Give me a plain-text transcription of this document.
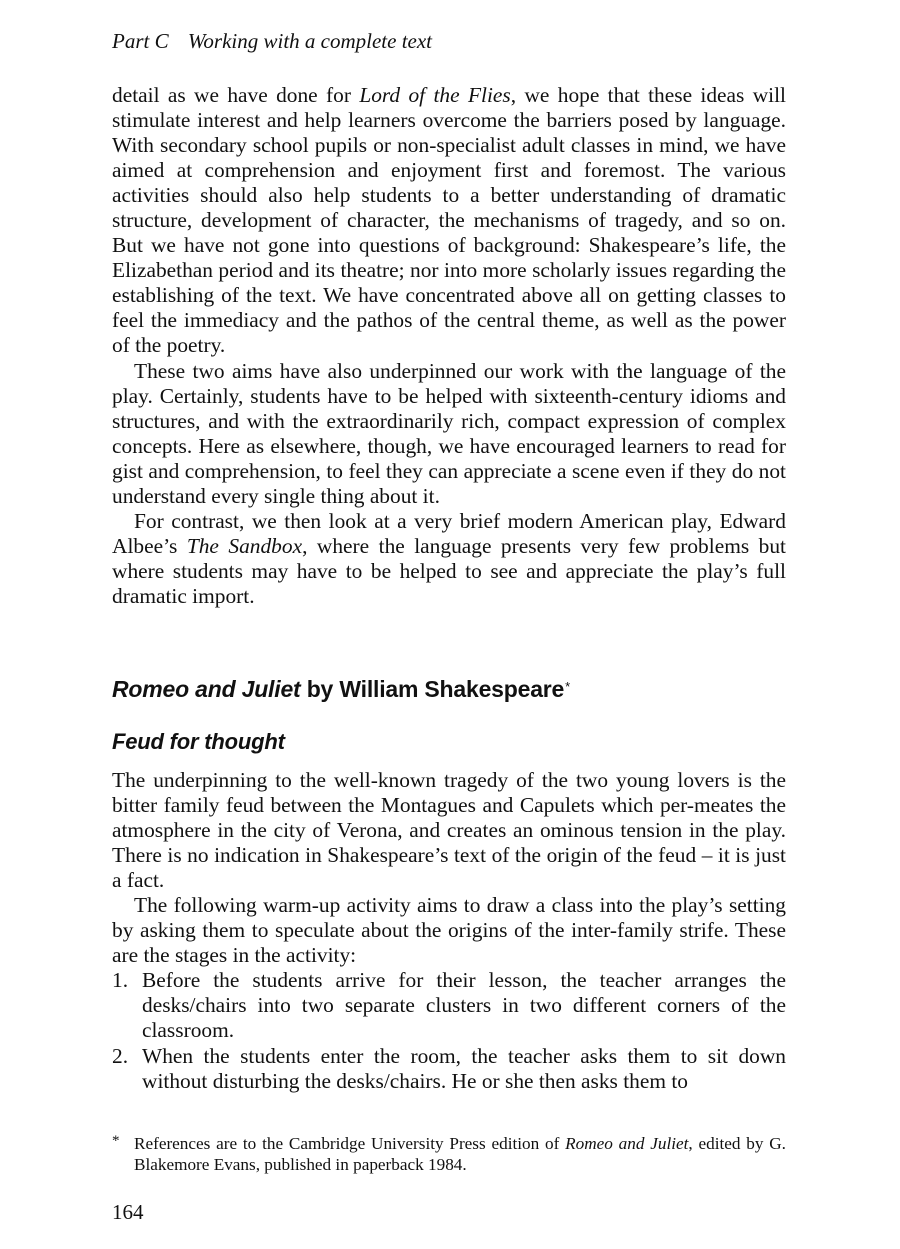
Part C Working with a complete text

detail as we have done for Lord of the Flies, we hope that these ideas will stimulate interest and help learners overcome the barriers posed by language. With secondary school pupils or non-specialist adult classes in mind, we have aimed at comprehension and enjoyment first and foremost. The various activities should also help students to a better understanding of dramatic structure, development of character, the mechanisms of tragedy, and so on. But we have not gone into questions of background: Shakespeare’s life, the Elizabethan period and its theatre; nor into more scholarly issues regarding the establishing of the text. We have concentrated above all on getting classes to feel the immediacy and the pathos of the central theme, as well as the power of the poetry.

These two aims have also underpinned our work with the language of the play. Certainly, students have to be helped with sixteenth-century idioms and structures, and with the extraordinarily rich, compact expression of complex concepts. Here as elsewhere, though, we have encouraged learners to read for gist and comprehension, to feel they can appreciate a scene even if they do not understand every single thing about it.

For contrast, we then look at a very brief modern American play, Edward Albee’s The Sandbox, where the language presents very few problems but where students may have to be helped to see and appreciate the play’s full dramatic import.

Romeo and Juliet by William Shakespeare*
Feud for thought

The underpinning to the well-known tragedy of the two young lovers is the bitter family feud between the Montagues and Capulets which per-meates the atmosphere in the city of Verona, and creates an ominous tension in the play. There is no indication in Shakespeare’s text of the origin of the feud – it is just a fact.

The following warm-up activity aims to draw a class into the play’s setting by asking them to speculate about the origins of the inter-family strife. These are the stages in the activity:

1. Before the students arrive for their lesson, the teacher arranges the desks/chairs into two separate clusters in two different corners of the classroom.
2. When the students enter the room, the teacher asks them to sit down without disturbing the desks/chairs. He or she then asks them to
* References are to the Cambridge University Press edition of Romeo and Juliet, edited by G. Blakemore Evans, published in paperback 1984.

164
